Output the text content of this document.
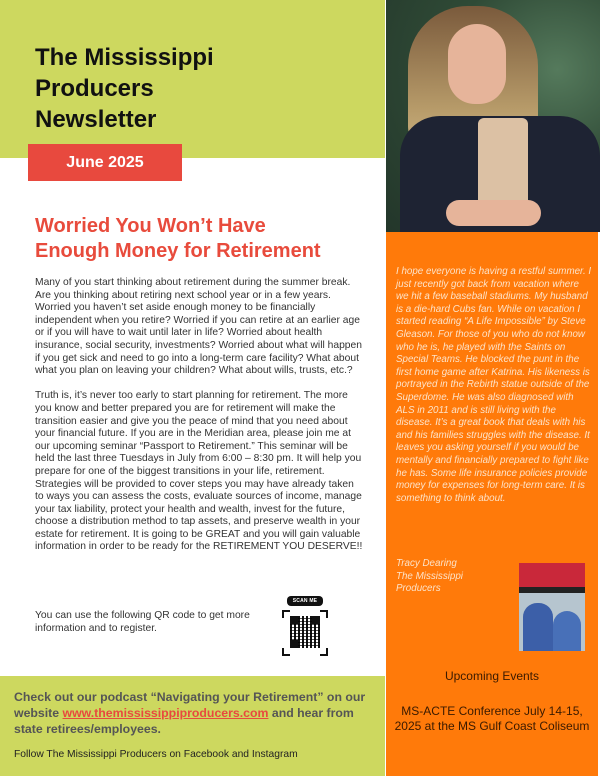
The Mississippi
Producers
Newsletter
June 2025
Worried You Won’t Have
Enough Money for Retirement

Many of you start thinking about retirement during the summer break. Are you thinking about retiring next school year or in a few years. Worried you haven’t set aside enough money to be financially independent when you retire? Worried if you can retire at an earlier age or if you will have to wait until later in life? Worried about health insurance, social security, investments? Worried about what will happen if you get sick and need to go into a long-term care facility? What about what you plan on leaving your children? What about wills, trusts, etc.?

Truth is, it’s never too early to start planning for retirement. The more you know and better prepared you are for retirement will make the transition easier and give you the peace of mind that you need about your financial future. If you are in the Meridian area, please join me at our upcoming seminar “Passport to Retirement.” This seminar will be held the last three Tuesdays in July from 6:00 – 8:30 pm. It will help you prepare for one of the biggest transitions in your life, retirement. Strategies will be provided to cover steps you may have already taken to ways you can assess the costs, evaluate sources of income, manage your tax liability, protect your health and wealth, invest for the future, choose a distribution method to tap assets, and preserve wealth in your estate for retirement. It is going to be GREAT and you will gain valuable information in order to be ready for the RETIREMENT YOU DESERVE!!

You can use the following QR code to get more information and to register.
SCAN ME
Check out our podcast “Navigating your Retirement” on our website www.themississippiproducers.com and hear from state retirees/employees.
Follow The Mississippi Producers on Facebook and Instagram
I hope everyone is having a restful summer. I just recently got back from vacation where we hit a few baseball stadiums. My husband is a die-hard Cubs fan. While on vacation I started reading “A Life Impossible” by Steve Gleason. For those of you who do not know who he is, he played with the Saints on Special Teams. He blocked the punt in the first home game after Katrina. His likeness is portrayed in the Rebirth statue outside of the Superdome. He was also diagnosed with ALS in 2011 and is still living with the disease. It’s a great book that deals with his and his families struggles with the disease. It leaves you asking yourself if you would be mentally and financially prepared to fight like he has. Some life insurance policies provide money for expenses for long-term care. It is something to think about.
Tracy Dearing
The Mississippi
Producers
Upcoming Events
MS-ACTE Conference July 14-15, 2025 at the MS Gulf Coast Coliseum
